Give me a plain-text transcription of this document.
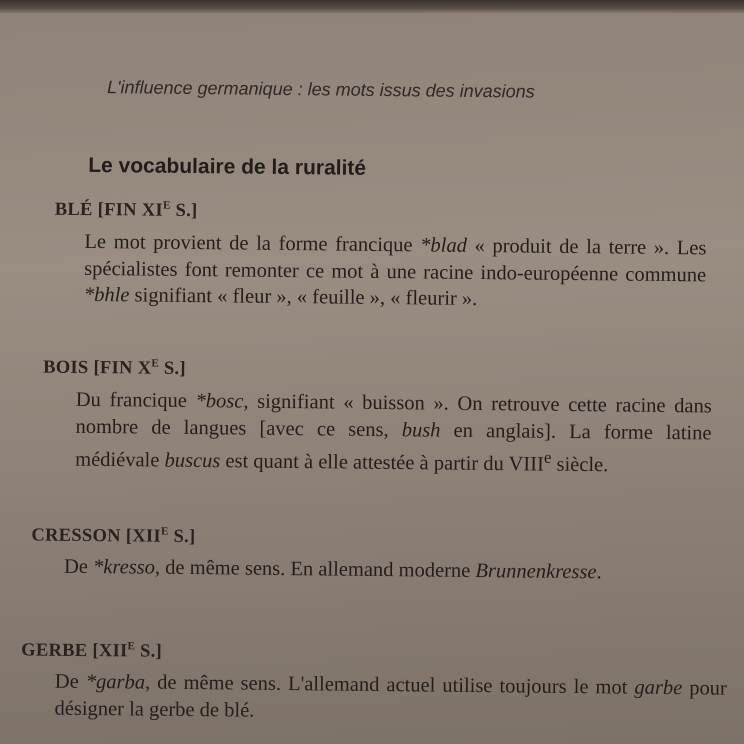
L'influence germanique : les mots issus des invasions
Le vocabulaire de la ruralité
BLÉ [FIN $XI^E$ S.]
Le mot provient de la forme francique *blad « produit de la terre ». Les spécialistes font remonter ce mot à une racine indo-européenne commune *bhle signifiant « fleur », « feuille », « fleurir ».
BOIS [FIN $X^E$ S.]
Du francique *bosc, signifiant « buisson ». On retrouve cette racine dans nombre de langues [avec ce sens, bush en anglais]. La forme latine médiévale buscus est quant à elle attestée à partir du VIIIe siècle.
CRESSON [$XII^E$ S.]
De *kresso, de même sens. En allemand moderne Brunnenkresse.
GERBE [$XII^E$ S.]
De *garba, de même sens. L'allemand actuel utilise toujours le mot garbe pour désigner la gerbe de blé.
